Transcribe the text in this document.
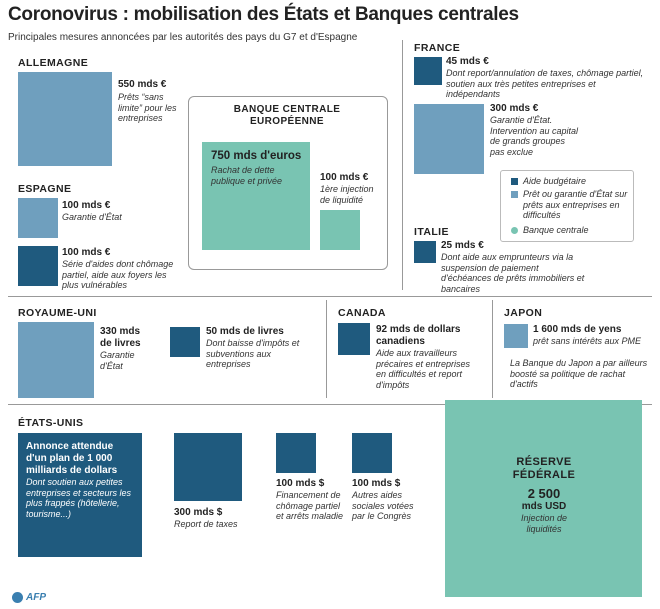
Coronovirus : mobilisation des États et Banques centrales
Principales mesures annoncées par les autorités des pays du G7 et d'Espagne
ALLEMAGNE
550 mds €
Prêts “sans limite” pour les entreprises
BANQUE CENTRALE EUROPÉENNE
750 mds d'euros
Rachat de dette publique et privée	100 mds €
1ère injection de liquidité
ESPAGNE
100 mds €
Garantie d'État
100 mds €
Série d'aides dont chômage partiel, aide aux foyers les plus vulnérables
FRANCE
45 mds €
Dont report/annulation de taxes, chômage partiel, soutien aux très petites entreprises et indépendants
300 mds €
Garantie d'État. Intervention au capital de grands groupes pas exclue
Aide budgétaire
Prêt ou garantie d'État sur prêts aux entreprises en difficultés
Banque centrale
ITALIE
25 mds €
Dont aide aux emprunteurs via la suspension de paiement d'échéances de prêts immobiliers et bancaires
ROYAUME-UNI
330 mds de livres
Garantie d'État
50 mds de livres
Dont baisse d'impôts et subventions aux entreprises
CANADA
92 mds de dollars canadiens
Aide aux travailleurs précaires et entreprises en difficultés et report d'impôts
JAPON
1 600 mds de yens
prêt sans intérêts aux PME
La Banque du Japon a par ailleurs boosté sa politique de rachat d'actifs
ÉTATS-UNIS
Annonce attendue d'un plan de 1 000 milliards de dollars
Dont soutien aux petites entreprises et secteurs les plus frappés (hôtellerie, tourisme...)	300 mds $
Report de taxes
100 mds $
Financement de chômage partiel et arrêts maladie
100 mds $
Autres aides sociales votées par le Congrès
RÉSERVE FÉDÉRALE
2 500
mds USD
Injection de liquidités
AFP
